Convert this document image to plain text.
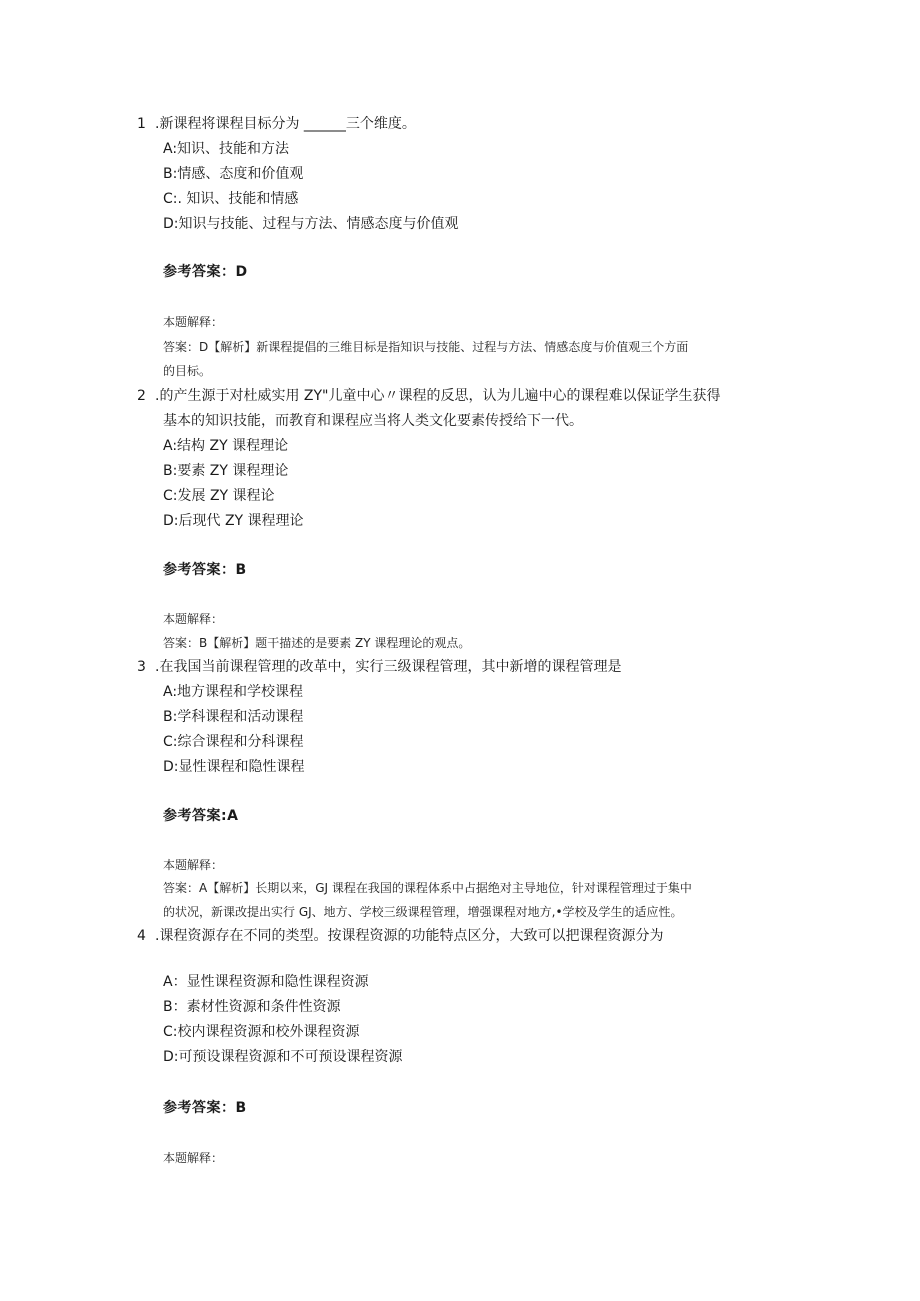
1 .新课程将课程目标分为 ______三个维度。
A:知识、技能和方法
B:情感、态度和价值观
C:. 知识、技能和情感
D:知识与技能、过程与方法、情感态度与价值观
参考答案：D
本题解释：
答案：D【解析】新课程提倡的三维目标是指知识与技能、过程与方法、情感态度与价值观三个方面
的目标。
2 .的产生源于对杜威实用 ZY"儿童中心〃课程的反思，认为儿遍中心的课程难以保证学生获得
基本的知识技能，而教育和课程应当将人类文化要素传授给下一代。
A:结构 ZY 课程理论
B:要素 ZY 课程理论
C:发展 ZY 课程论
D:后现代 ZY 课程理论
参考答案：B
本题解释：
答案：B【解析】题干描述的是要素 ZY 课程理论的观点。
3 .在我国当前课程管理的改革中，实行三级课程管理，其中新增的课程管理是
A:地方课程和学校课程
B:学科课程和活动课程
C:综合课程和分科课程
D:显性课程和隐性课程
参考答案:A
本题解释：
答案：A【解析】长期以来，GJ 课程在我国的课程体系中占据绝对主导地位，针对课程管理过于集中
的状况，新课改提出实行 GJ、地方、学校三级课程管理，增强课程对地方,•学校及学生的适应性。
4 .课程资源存在不同的类型。按课程资源的功能特点区分，大致可以把课程资源分为
A：显性课程资源和隐性课程资源
B：素材性资源和条件性资源
C:校内课程资源和校外课程资源
D:可预设课程资源和不可预设课程资源
参考答案：B
本题解释：
